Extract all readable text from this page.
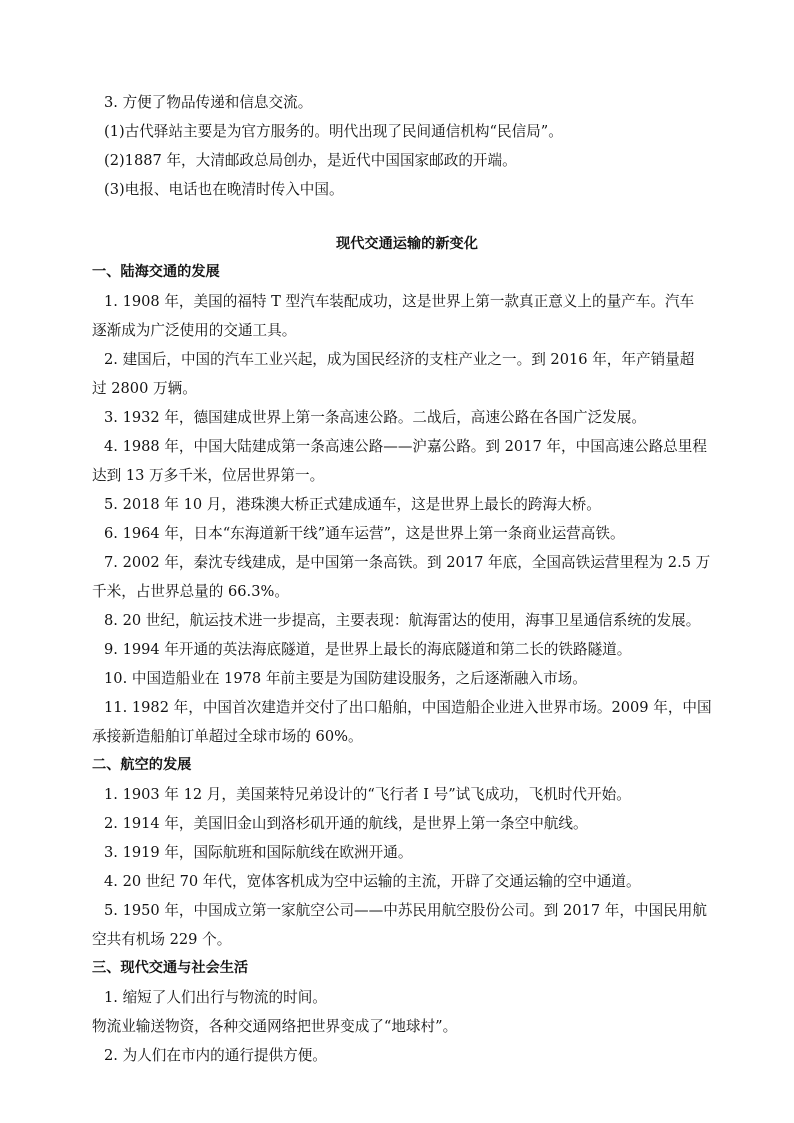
3. 方便了物品传递和信息交流。
(1)古代驿站主要是为官方服务的。明代出现了民间通信机构“民信局”。
(2)1887 年，大清邮政总局创办，是近代中国国家邮政的开端。
(3)电报、电话也在晚清时传入中国。
现代交通运输的新变化
一、陆海交通的发展
1. 1908 年，美国的福特 T 型汽车装配成功，这是世界上第一款真正意义上的量产车。汽车
逐渐成为广泛使用的交通工具。
2. 建国后，中国的汽车工业兴起，成为国民经济的支柱产业之一。到 2016 年，年产销量超
过 2800 万辆。
3. 1932 年，德国建成世界上第一条高速公路。二战后，高速公路在各国广泛发展。
4. 1988 年，中国大陆建成第一条高速公路——沪嘉公路。到 2017 年，中国高速公路总里程
达到 13 万多千米，位居世界第一。
5. 2018 年 10 月，港珠澳大桥正式建成通车，这是世界上最长的跨海大桥。
6. 1964 年，日本“东海道新干线”通车运营”，这是世界上第一条商业运营高铁。
7. 2002 年，秦沈专线建成，是中国第一条高铁。到 2017 年底，全国高铁运营里程为 2.5 万
千米，占世界总量的 66.3%。
8. 20 世纪，航运技术进一步提高，主要表现：航海雷达的使用，海事卫星通信系统的发展。
9. 1994 年开通的英法海底隧道，是世界上最长的海底隧道和第二长的铁路隧道。
10. 中国造船业在 1978 年前主要是为国防建设服务，之后逐渐融入市场。
11. 1982 年，中国首次建造并交付了出口船舶，中国造船企业进入世界市场。2009 年，中国
承接新造船舶订单超过全球市场的 60%。
二、航空的发展
1. 1903 年 12 月，美国莱特兄弟设计的“飞行者 I 号”试飞成功，飞机时代开始。
2. 1914 年，美国旧金山到洛杉矶开通的航线，是世界上第一条空中航线。
3. 1919 年，国际航班和国际航线在欧洲开通。
4. 20 世纪 70 年代，宽体客机成为空中运输的主流，开辟了交通运输的空中通道。
5. 1950 年，中国成立第一家航空公司——中苏民用航空股份公司。到 2017 年，中国民用航
空共有机场 229 个。
三、现代交通与社会生活
1. 缩短了人们出行与物流的时间。
物流业输送物资，各种交通网络把世界变成了“地球村”。
2. 为人们在市内的通行提供方便。
